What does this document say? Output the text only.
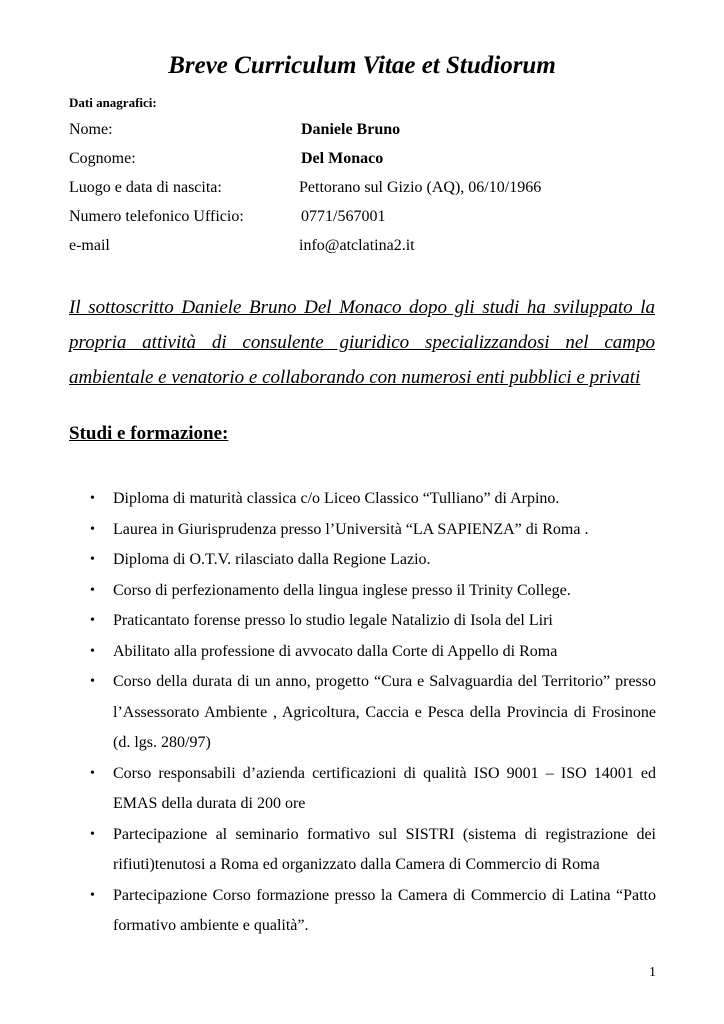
Breve Curriculum Vitae et Studiorum
Dati anagrafici:
Nome:	Daniele Bruno
Cognome:	Del Monaco
Luogo e data di nascita:	Pettorano sul Gizio (AQ), 06/10/1966
Numero telefonico Ufficio:	0771/567001
e-mail	info@atclatina2.it
Il sottoscritto Daniele Bruno Del Monaco dopo gli studi ha sviluppato la propria attività di consulente giuridico specializzandosi nel campo ambientale e venatorio e collaborando con numerosi enti pubblici e privati
Studi e formazione:
• Diploma di maturità classica c/o Liceo Classico “Tulliano” di Arpino.
• Laurea in Giurisprudenza presso l’Università “LA SAPIENZA” di Roma .
• Diploma di O.T.V. rilasciato dalla Regione Lazio.
• Corso di perfezionamento della lingua inglese presso il Trinity College.
• Praticantato forense presso lo studio legale Natalizio di Isola del Liri
• Abilitato alla professione di avvocato dalla Corte di Appello di Roma
• Corso della durata di un anno, progetto “Cura e Salvaguardia del Territorio” presso l’Assessorato Ambiente , Agricoltura, Caccia e Pesca della Provincia di Frosinone (d. lgs. 280/97)
• Corso responsabili d’azienda certificazioni di qualità ISO 9001 – ISO 14001 ed EMAS della durata di 200 ore
• Partecipazione al seminario formativo sul SISTRI (sistema di registrazione dei rifiuti)tenutosi a Roma ed organizzato dalla Camera di Commercio di Roma
• Partecipazione Corso formazione presso la Camera di Commercio di Latina “Patto formativo ambiente e qualità”.
1
